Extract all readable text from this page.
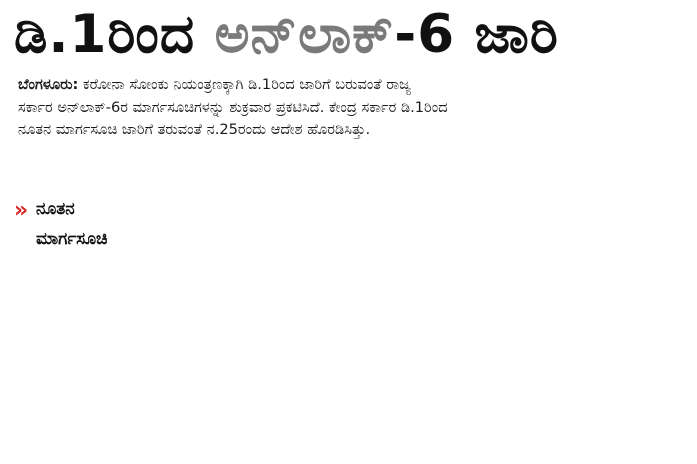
ಡಿ.1ರಿಂದ ಅನ್‌ಲಾಕ್‌-6 ಜಾರಿ
ಬೆಂಗಳೂರು: ಕರೋನಾ ಸೋಂಕು ನಿಯಂತ್ರಣಕ್ಕಾಗಿ ಡಿ.1ರಿಂದ ಜಾರಿಗೆ ಬರುವಂತೆ ರಾಜ್ಯ
ಸರ್ಕಾರ ಅನ್‌ಲಾಕ್‌-6ರ ಮಾರ್ಗಸೂಚಿಗಳನ್ನು ಶುಕ್ರವಾರ ಪ್ರಕಟಿಸಿದೆ. ಕೇಂದ್ರ ಸರ್ಕಾರ ಡಿ.1ರಿಂದ
ನೂತನ ಮಾರ್ಗಸೂಚಿ ಜಾರಿಗೆ ತರುವಂತೆ ನ.25ರಂದು ಆದೇಶ ಹೊರಡಿಸಿತ್ತು.
» ನೂತನ
ಮಾರ್ಗಸೂಚಿ
